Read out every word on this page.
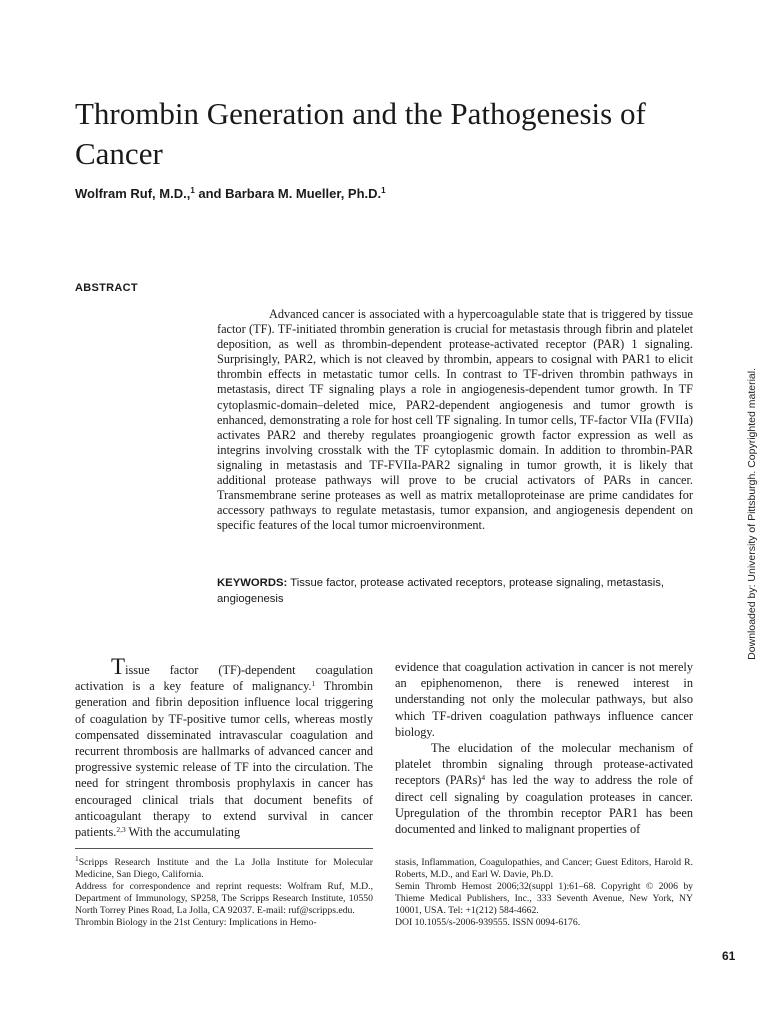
Thrombin Generation and the Pathogenesis of Cancer
Wolfram Ruf, M.D.,$^1$ and Barbara M. Mueller, Ph.D.$^1$
ABSTRACT

Advanced cancer is associated with a hypercoagulable state that is triggered by tissue factor (TF). TF-initiated thrombin generation is crucial for metastasis through fibrin and platelet deposition, as well as thrombin-dependent protease-activated receptor (PAR) 1 signaling. Surprisingly, PAR2, which is not cleaved by thrombin, appears to cosignal with PAR1 to elicit thrombin effects in metastatic tumor cells. In contrast to TF-driven thrombin pathways in metastasis, direct TF signaling plays a role in angiogenesis-dependent tumor growth. In TF cytoplasmic-domain–deleted mice, PAR2-dependent angiogenesis and tumor growth is enhanced, demonstrating a role for host cell TF signaling. In tumor cells, TF-factor VIIa (FVIIa) activates PAR2 and thereby regulates proangiogenic growth factor expression as well as integrins involving crosstalk with the TF cytoplasmic domain. In addition to thrombin-PAR signaling in metastasis and TF-FVIIa-PAR2 signaling in tumor growth, it is likely that additional protease pathways will prove to be crucial activators of PARs in cancer. Transmembrane serine proteases as well as matrix metalloproteinase are prime candidates for accessory pathways to regulate metastasis, tumor expansion, and angiogenesis dependent on specific features of the local tumor microenvironment.

KEYWORDS: Tissue factor, protease activated receptors, protease signaling, metastasis, angiogenesis

Tissue factor (TF)-dependent coagulation activation is a key feature of malignancy.$^1$ Thrombin generation and fibrin deposition influence local triggering of coagulation by TF-positive tumor cells, whereas mostly compensated disseminated intravascular coagulation and recurrent thrombosis are hallmarks of advanced cancer and progressive systemic release of TF into the circulation. The need for stringent thrombosis prophylaxis in cancer has encouraged clinical trials that document benefits of anticoagulant therapy to extend survival in cancer patients.$^{2,3}$ With the accumulating

evidence that coagulation activation in cancer is not merely an epiphenomenon, there is renewed interest in understanding not only the molecular pathways, but also which TF-driven coagulation pathways influence cancer biology.

The elucidation of the molecular mechanism of platelet thrombin signaling through protease-activated receptors (PARs)$^4$ has led the way to address the role of direct cell signaling by coagulation proteases in cancer. Upregulation of the thrombin receptor PAR1 has been documented and linked to malignant properties of

$^1$Scripps Research Institute and the La Jolla Institute for Molecular Medicine, San Diego, California.

Address for correspondence and reprint requests: Wolfram Ruf, M.D., Department of Immunology, SP258, The Scripps Research Institute, 10550 North Torrey Pines Road, La Jolla, CA 92037. E-mail: ruf@scripps.edu.

Thrombin Biology in the 21st Century: Implications in Hemo-

stasis, Inflammation, Coagulopathies, and Cancer; Guest Editors, Harold R. Roberts, M.D., and Earl W. Davie, Ph.D.

Semin Thromb Hemost 2006;32(suppl 1):61–68. Copyright © 2006 by Thieme Medical Publishers, Inc., 333 Seventh Avenue, New York, NY 10001, USA. Tel: +1(212) 584-4662.

DOI 10.1055/s-2006-939555. ISSN 0094-6176.

Downloaded by: University of Pittsburgh. Copyrighted material.
61
